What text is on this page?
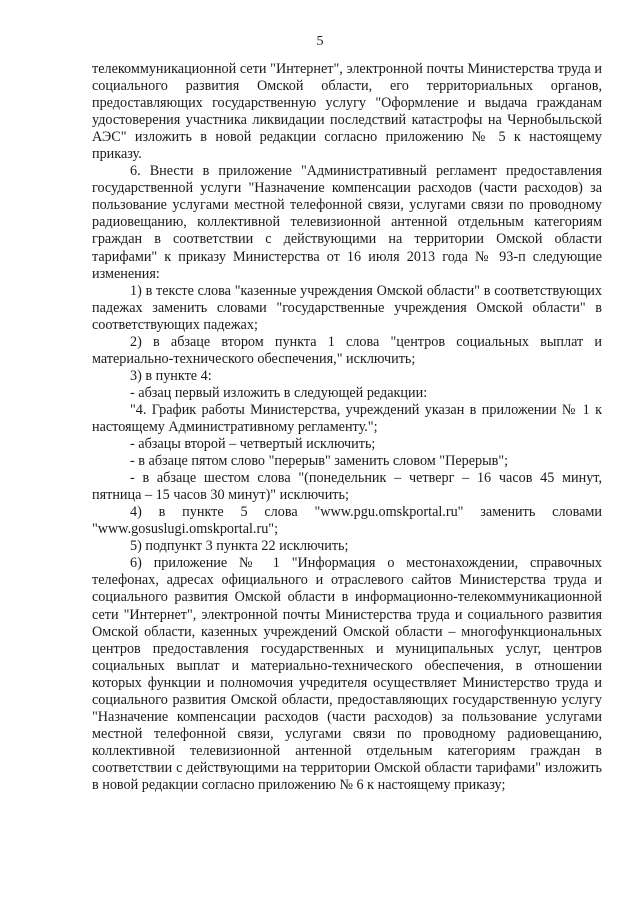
5

телекоммуникационной сети "Интернет", электронной почты Министерства труда и социального развития Омской области, его территориальных органов, предоставляющих государственную услугу "Оформление и выдача гражданам удостоверения участника ликвидации последствий катастрофы на Чернобыльской АЭС" изложить в новой редакции согласно приложению № 5 к настоящему приказу.

6. Внести в приложение "Административный регламент предоставления государственной услуги "Назначение компенсации расходов (части расходов) за пользование услугами местной телефонной связи, услугами связи по проводному радиовещанию, коллективной телевизионной антенной отдельным категориям граждан в соответствии с действующими на территории Омской области тарифами" к приказу Министерства от 16 июля 2013 года № 93-п следующие изменения:

1) в тексте слова "казенные учреждения Омской области" в соответствующих падежах заменить словами "государственные учреждения Омской области" в соответствующих падежах;

2) в абзаце втором пункта 1 слова "центров социальных выплат и материально-технического обеспечения," исключить;

3) в пункте 4:

- абзац первый изложить в следующей редакции:

"4. График работы Министерства, учреждений указан в приложении № 1 к настоящему Административному регламенту.";

- абзацы второй – четвертый исключить;

- в абзаце пятом слово "перерыв" заменить словом "Перерыв";

- в абзаце шестом слова "(понедельник – четверг – 16 часов 45 минут, пятница – 15 часов 30 минут)" исключить;

4) в пункте 5 слова "www.pgu.omskportal.ru" заменить словами "www.gosuslugi.omskportal.ru";

5) подпункт 3 пункта 22 исключить;

6) приложение № 1 "Информация о местонахождении, справочных телефонах, адресах официального и отраслевого сайтов Министерства труда и социального развития Омской области в информационно-телекоммуникационной сети "Интернет", электронной почты Министерства труда и социального развития Омской области, казенных учреждений Омской области – многофункциональных центров предоставления государственных и муниципальных услуг, центров социальных выплат и материально-технического обеспечения, в отношении которых функции и полномочия учредителя осуществляет Министерство труда и социального развития Омской области, предоставляющих государственную услугу "Назначение компенсации расходов (части расходов) за пользование услугами местной телефонной связи, услугами связи по проводному радиовещанию, коллективной телевизионной антенной отдельным категориям граждан в соответствии с действующими на территории Омской области тарифами" изложить в новой редакции согласно приложению № 6 к настоящему приказу;
